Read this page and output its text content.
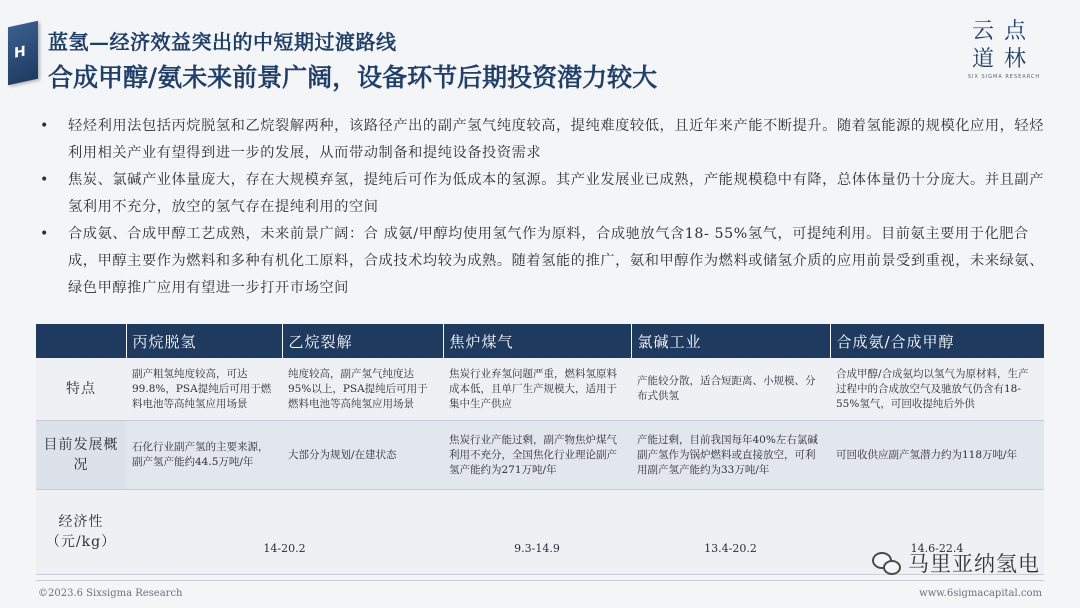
H 蓝氢—经济效益突出的中短期过渡路线
合成甲醇/氨未来前景广阔，设备环节后期投资潜力较大
云点
道林
SIX SIGMA RESEARCH
• 轻烃利用法包括丙烷脱氢和乙烷裂解两种，该路径产出的副产氢气纯度较高，提纯难度较低，且近年来产能不断提升。随着氢能源的规模化应用，轻烃利用相关产业有望得到进一步的发展，从而带动制备和提纯设备投资需求
• 焦炭、氯碱产业体量庞大，存在大规模弃氢，提纯后可作为低成本的氢源。其产业发展业已成熟，产能规模稳中有降，总体体量仍十分庞大。并且副产氢利用不充分，放空的氢气存在提纯利用的空间
• 合成氨、合成甲醇工艺成熟，未来前景广阔：合 成氨/甲醇均使用氢气作为原料，合成驰放气含18- 55%氢气，可提纯利用。目前氨主要用于化肥合 成，甲醇主要作为燃料和多种有机化工原料，合成技术均较为成熟。随着氢能的推广，氨和甲醇作为燃料或储氢介质的应用前景受到重视，未来绿氨、绿色甲醇推广应用有望进一步打开市场空间
	丙烷脱氢	乙烷裂解	焦炉煤气	氯碱工业	合成氨/合成甲醇
特点	副产粗氢纯度较高，可达99.8%，PSA提纯后可用于燃料电池等高纯氢应用场景	纯度较高，副产氢气纯度达95%以上，PSA提纯后可用于燃料电池等高纯氢应用场景	焦炭行业弃氢问题严重，燃料氢原料成本低，且单厂生产规模大，适用于集中生产供应	产能较分散，适合短距离、小规模、分布式供氢	合成甲醇/合成氨均以氢气为原材料，生产过程中的合成放空气及驰放气仍含有18-55%氢气，可回收提纯后外供
目前发展概况	石化行业副产氢的主要来源，副产氢产能约44.5万吨/年	大部分为规划/在建状态	焦炭行业产能过剩，副产物焦炉煤气利用不充分，全国焦化行业理论副产氢产能约为271万吨/年	产能过剩，目前我国每年40%左右氯碱副产氢作为锅炉燃料或直接放空，可利用副产氢产能约为33万吨/年	可回收供应副产氢潜力约为118万吨/年
经济性（元/kg）	14-20.2		9.3-14.9	13.4-20.2	14.6-22.4
马里亚纳氢电
©2023.6 Sixsigma Research	www.6sigmacapital.com
